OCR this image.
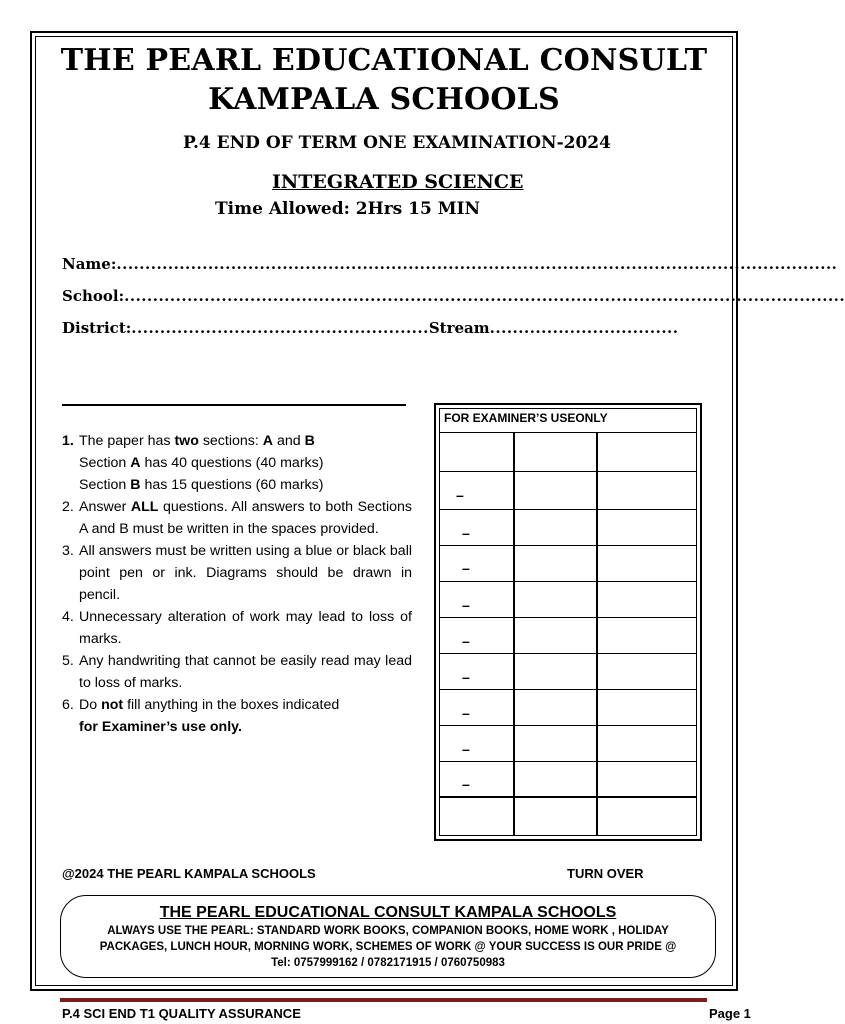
THE PEARL EDUCATIONAL CONSULT
KAMPALA SCHOOLS
P.4 END OF TERM ONE EXAMINATION-2024
INTEGRATED SCIENCE
Time Allowed: 2Hrs 15 MIN
Name:..............................................................................................................................
School:..............................................................................................................................
District:....................................................Stream.................................
1. The paper has two sections: A and B
Section A has 40 questions (40 marks)
Section B has 15 questions (60 marks)
2. Answer ALL questions. All answers to both Sections A and B must be written in the spaces provided.
3. All answers must be written using a blue or black ball point pen or ink. Diagrams should be drawn in pencil.
4. Unnecessary alteration of work may lead to loss of marks.
5. Any handwriting that cannot be easily read may lead to loss of marks.
6. Do not fill anything in the boxes indicated
for Examiner’s use only.
FOR EXAMINER’S USEONLY
–
–
–
–
–
–
–
–
–
@2024 THE PEARL KAMPALA SCHOOLS	TURN OVER
THE PEARL EDUCATIONAL CONSULT KAMPALA SCHOOLS
ALWAYS USE THE PEARL: STANDARD WORK BOOKS, COMPANION BOOKS, HOME WORK , HOLIDAY
PACKAGES, LUNCH HOUR, MORNING WORK, SCHEMES OF WORK @ YOUR SUCCESS IS OUR PRIDE @
Tel: 0757999162 / 0782171915 / 0760750983
P.4 SCI END T1 QUALITY ASSURANCE	Page 1
